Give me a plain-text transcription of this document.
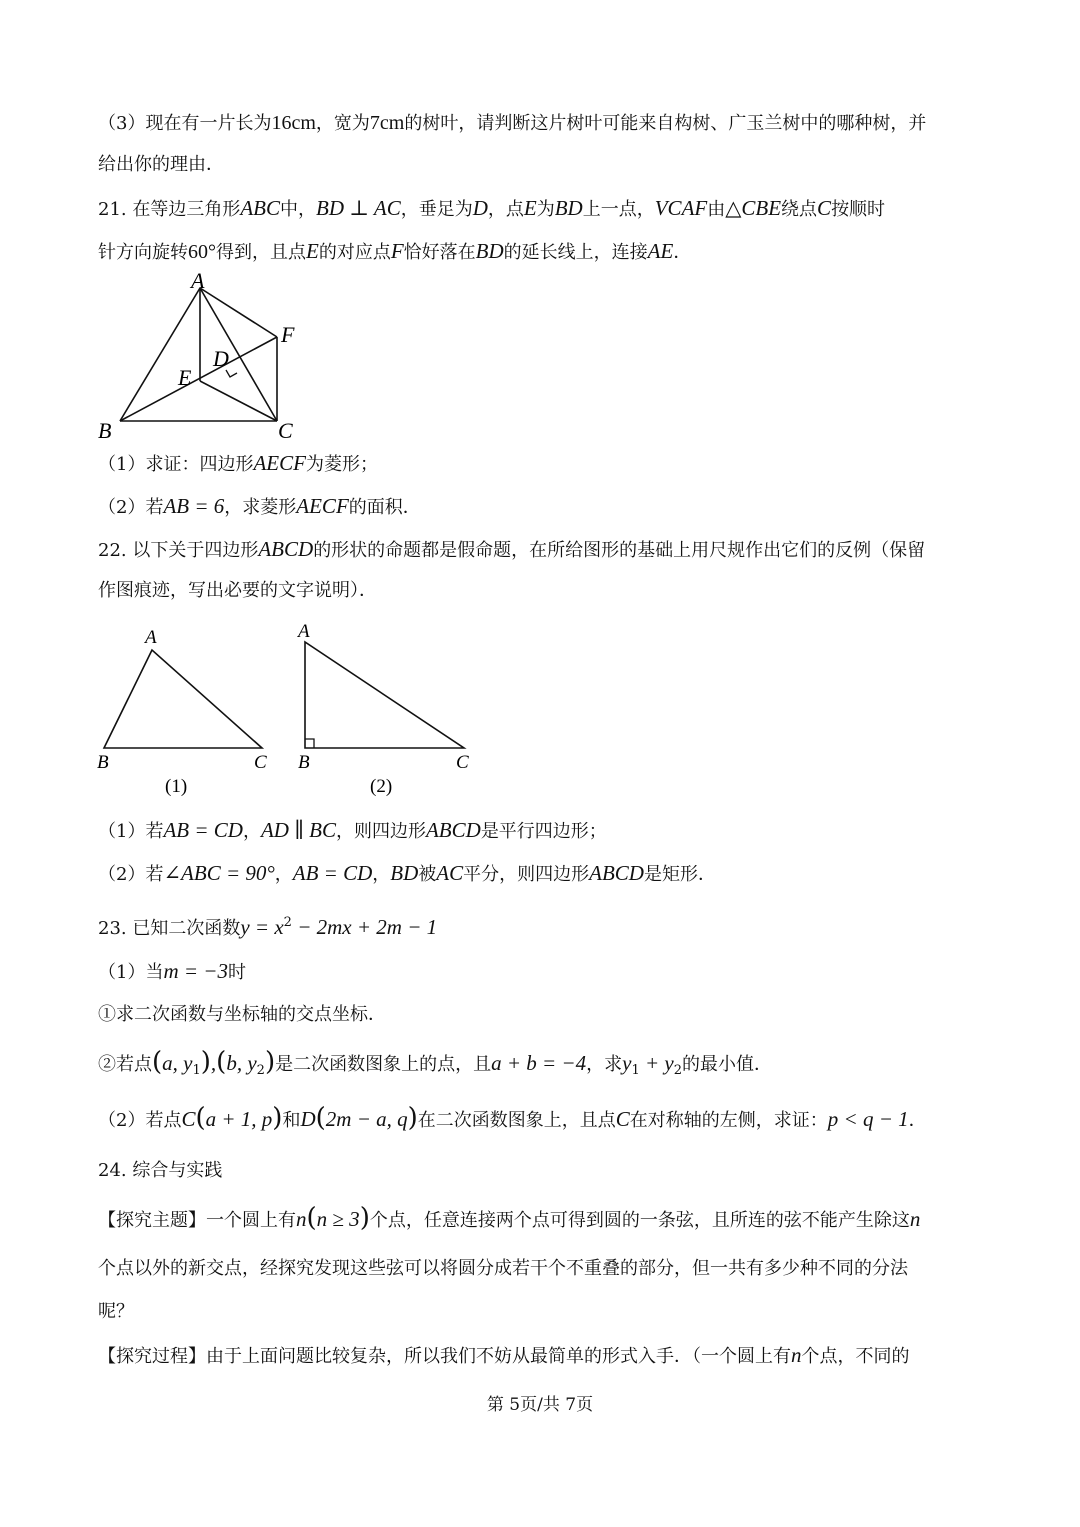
（3）现在有一片长为16cm，宽为7cm的树叶，请判断这片树叶可能来自构树、广玉兰树中的哪种树，并
给出你的理由．
21. 在等边三角形ABC中，BD ⊥ AC，垂足为D，点E为BD上一点，VCAF由△CBE绕点C按顺时
针方向旋转60°得到，且点E的对应点F恰好落在BD的延长线上，连接AE．
A
B	C
D
E
F
（1）求证：四边形AECF为菱形；
（2）若AB = 6，求菱形AECF的面积．
22. 以下关于四边形ABCD的形状的命题都是假命题，在所给图形的基础上用尺规作出它们的反例（保留
作图痕迹，写出必要的文字说明）．
A
B	C
(1)
A
B	C
(2)
（1）若AB = CD，AD ∥ BC，则四边形ABCD是平行四边形；
（2）若∠ABC = 90°，AB = CD，BD被AC平分，则四边形ABCD是矩形．
23. 已知二次函数$y = x^2 - 2mx + 2m - 1$
（1）当m = −3时
①求二次函数与坐标轴的交点坐标．
②若点(a, $y_1),(b$, $y_2$)是二次函数图象上的点，且a + b = −4，求$y_1 + y_2$的最小值．
（2）若点C(a + 1, p)和D(2m − a, q)在二次函数图象上，且点C在对称轴的左侧，求证：p < q − 1．
24. 综合与实践
【探究主题】一个圆上有n(n ≥ 3)个点，任意连接两个点可得到圆的一条弦，且所连的弦不能产生除这n
个点以外的新交点，经探究发现这些弦可以将圆分成若干个不重叠的部分，但一共有多少种不同的分法
呢？
【探究过程】由于上面问题比较复杂，所以我们不妨从最简单的形式入手．（一个圆上有n个点，不同的
第 5页/共 7页
